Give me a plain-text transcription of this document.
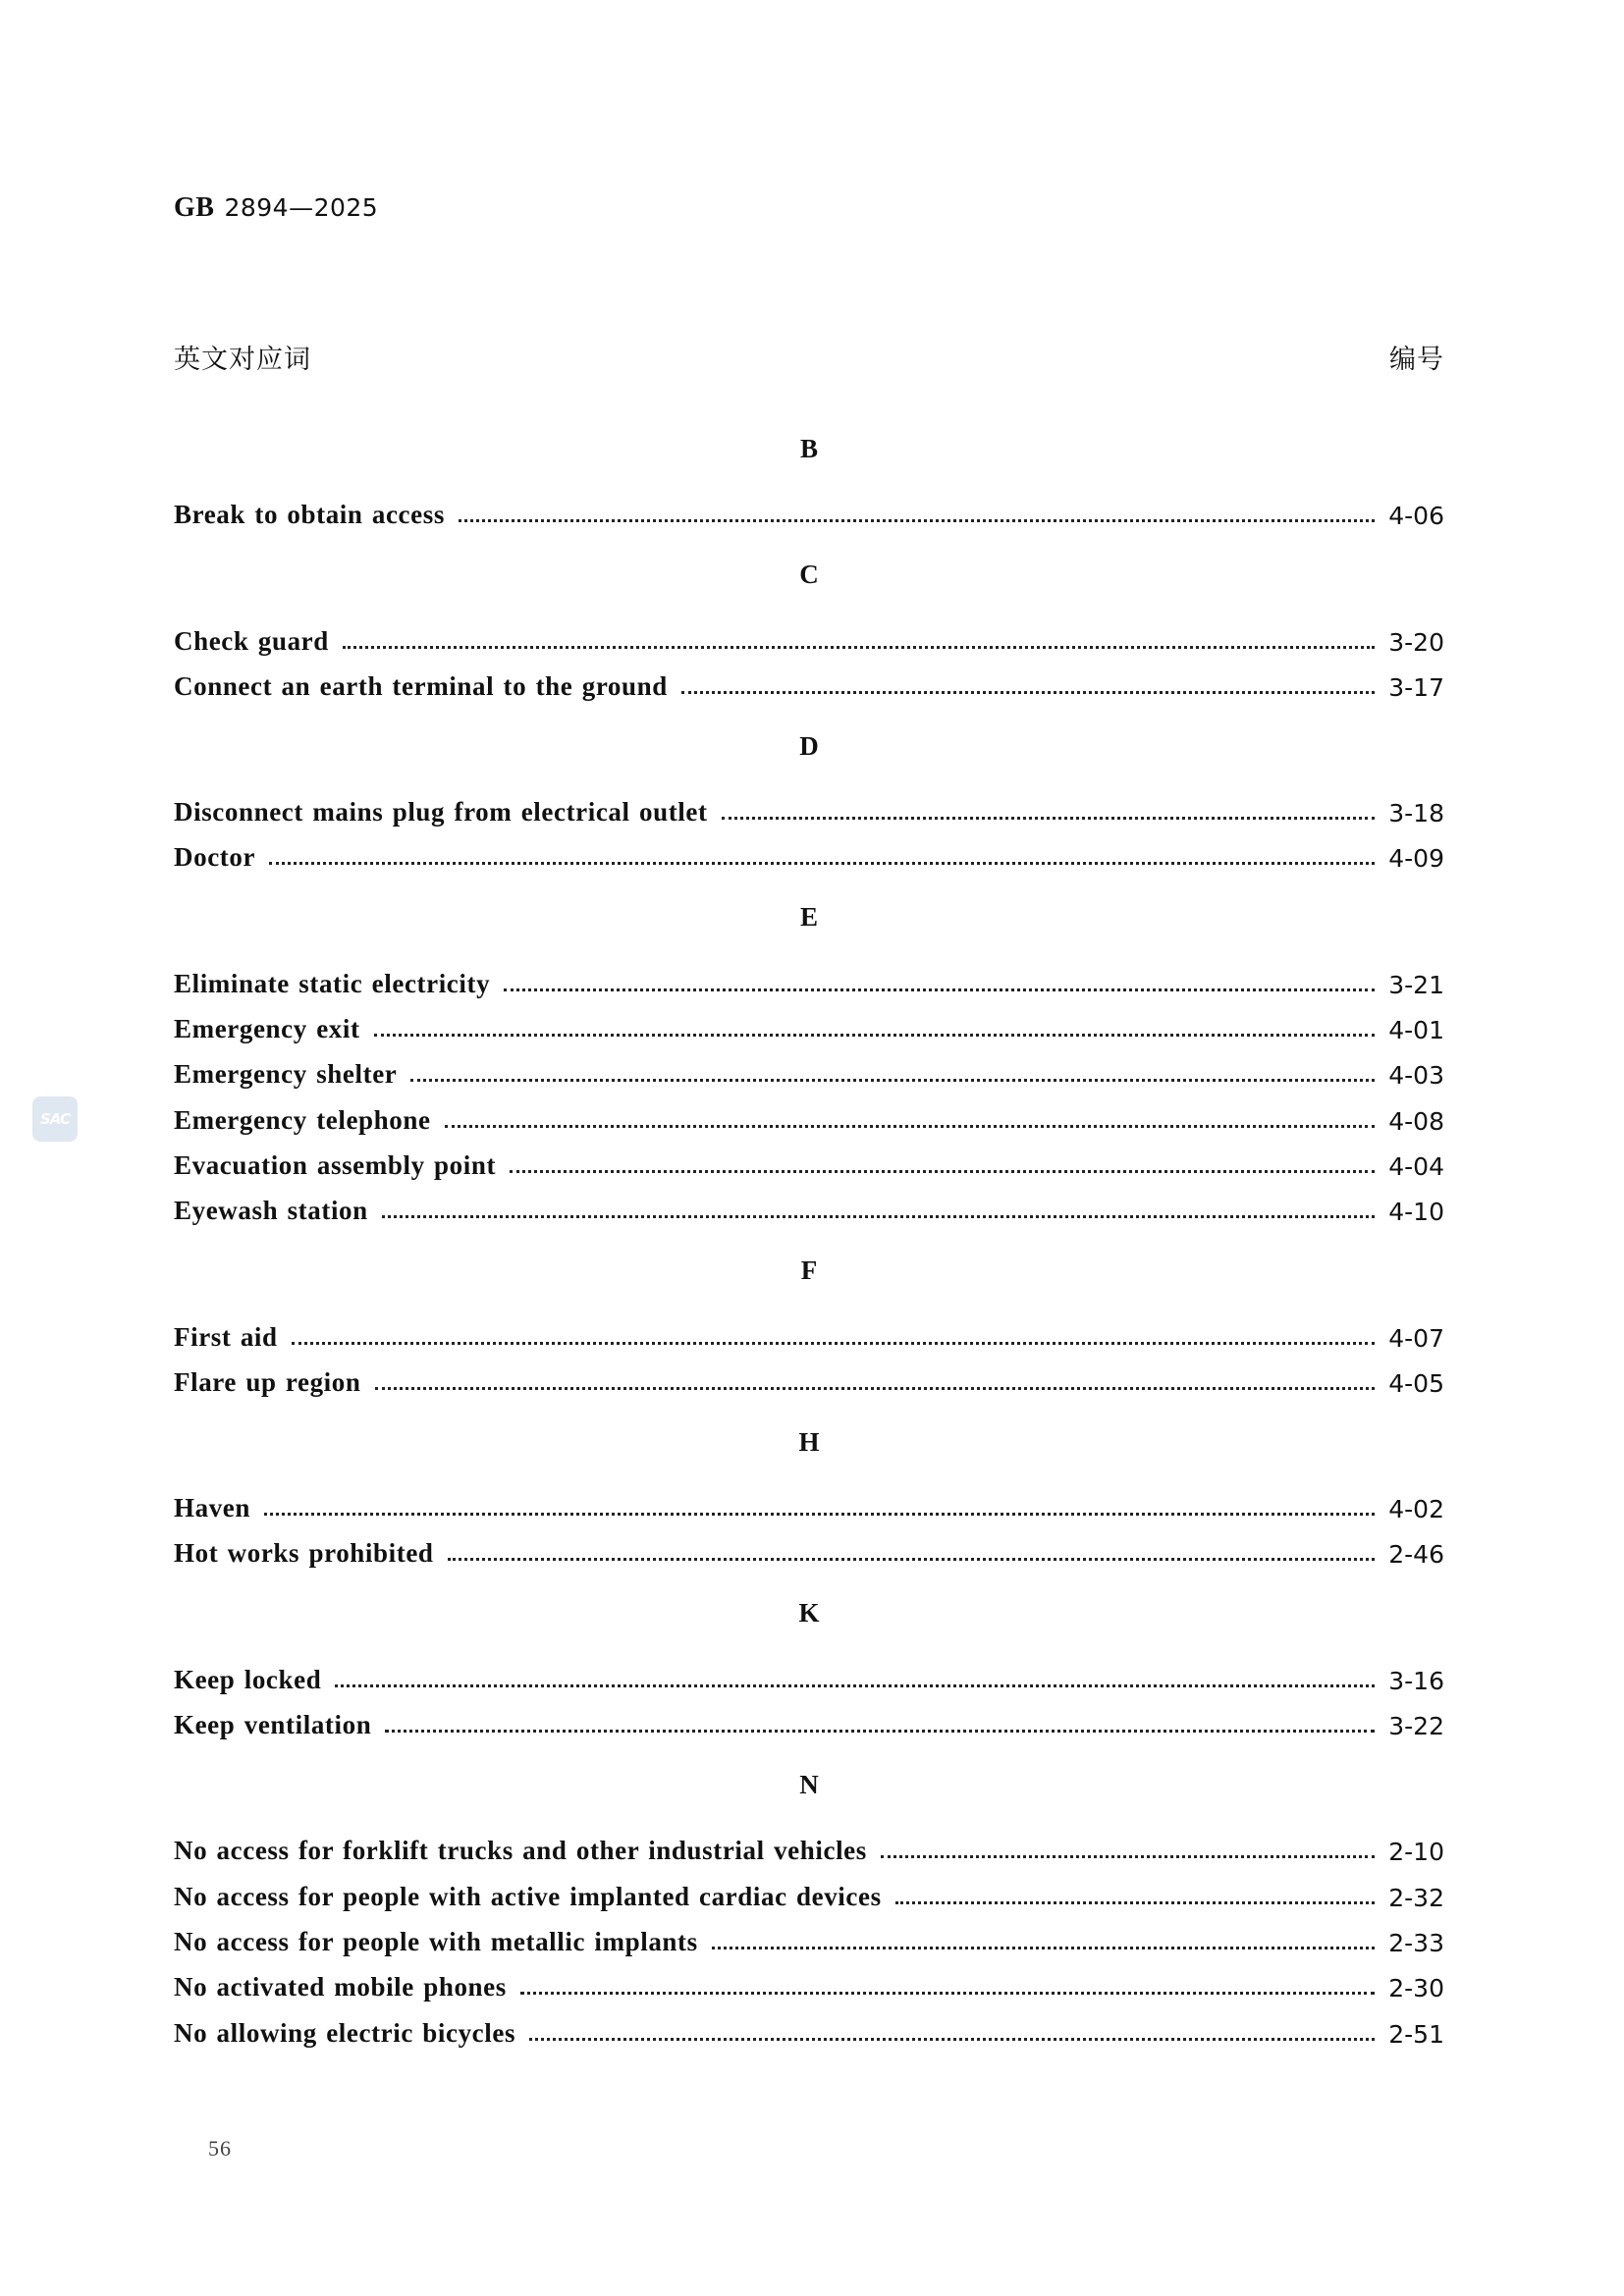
GB 2894—2025
英文对应词	编号
SAC
B
Break to obtain access	4-06
C
Check guard	3-20
Connect an earth terminal to the ground	3-17
D
Disconnect mains plug from electrical outlet	3-18
Doctor	4-09
E
Eliminate static electricity	3-21
Emergency exit	4-01
Emergency shelter	4-03
Emergency telephone	4-08
Evacuation assembly point	4-04
Eyewash station	4-10
F
First aid	4-07
Flare up region	4-05
H
Haven	4-02
Hot works prohibited	2-46
K
Keep locked	3-16
Keep ventilation	3-22
N
No access for forklift trucks and other industrial vehicles	2-10
No access for people with active implanted cardiac devices	2-32
No access for people with metallic implants	2-33
No activated mobile phones	2-30
No allowing electric bicycles	2-51
56
